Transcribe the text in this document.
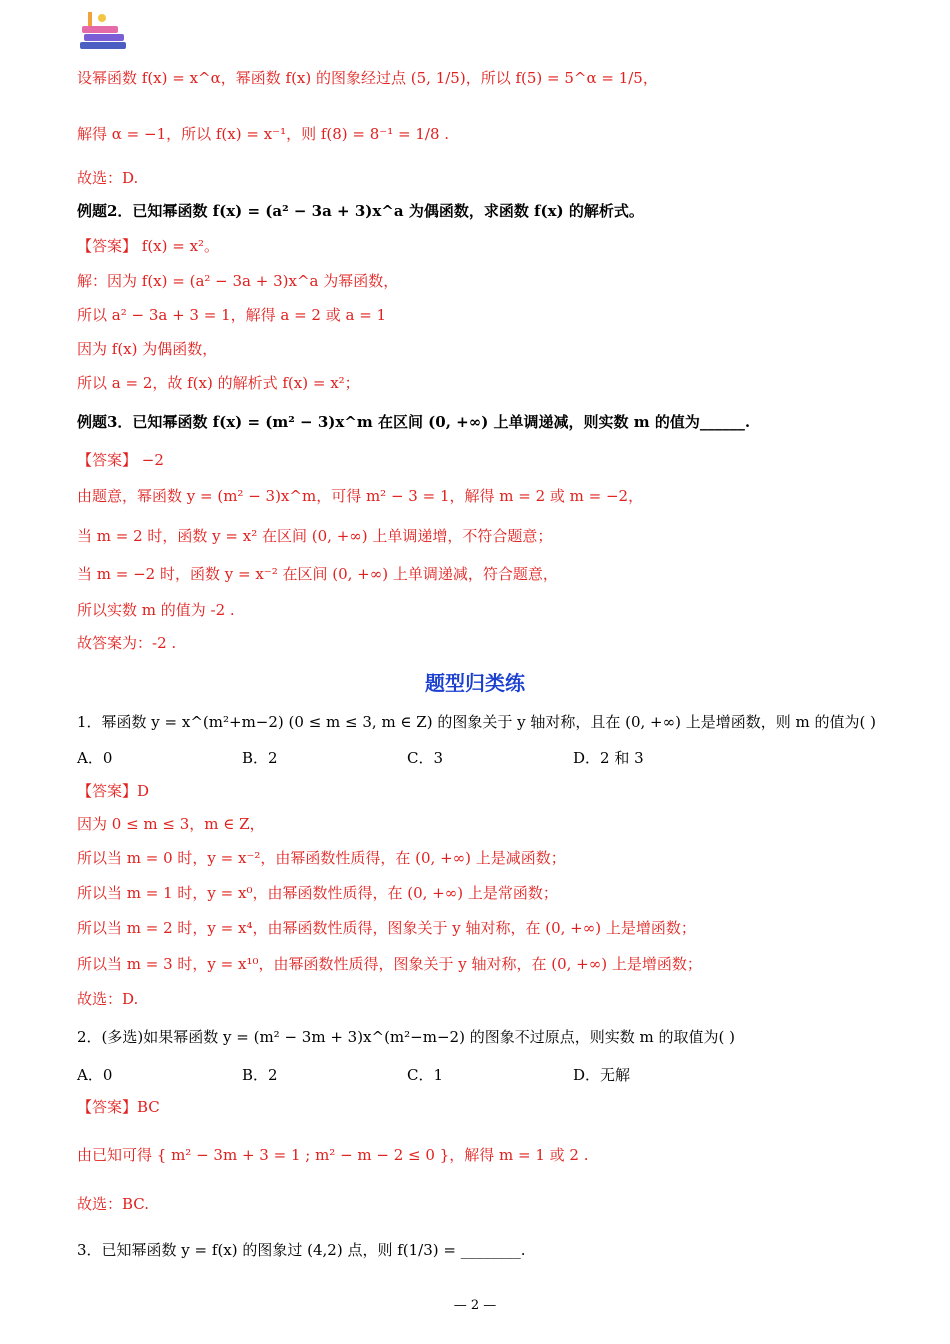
设幂函数 f(x) = x^α，幂函数 f(x) 的图象经过点 (5, 1/5)，所以 f(5) = 5^α = 1/5，
解得 α = −1，所以 f(x) = x⁻¹，则 f(8) = 8⁻¹ = 1/8 .
故选：D.
例题2．已知幂函数 f(x) = (a² − 3a + 3)x^a 为偶函数，求函数 f(x) 的解析式。
【答案】 f(x) = x²。
解：因为 f(x) = (a² − 3a + 3)x^a 为幂函数，
所以 a² − 3a + 3 = 1，解得 a = 2 或 a = 1
因为 f(x) 为偶函数，
所以 a = 2，故 f(x) 的解析式 f(x) = x²；
例题3．已知幂函数 f(x) = (m² − 3)x^m 在区间 (0, +∞) 上单调递减，则实数 m 的值为______.
【答案】 −2
由题意，幂函数 y = (m² − 3)x^m，可得 m² − 3 = 1，解得 m = 2 或 m = −2，
当 m = 2 时，函数 y = x² 在区间 (0, +∞) 上单调递增，不符合题意；
当 m = −2 时，函数 y = x⁻² 在区间 (0, +∞) 上单调递减，符合题意，
所以实数 m 的值为 -2 .
故答案为：-2 .
题型归类练
1．幂函数 y = x^(m²+m−2) (0 ≤ m ≤ 3, m ∈ Z) 的图象关于 y 轴对称，且在 (0, +∞) 上是增函数，则 m 的值为( )
A．0	B．2	C．3	D．2 和 3
【答案】D
因为 0 ≤ m ≤ 3，m ∈ Z，
所以当 m = 0 时，y = x⁻²，由幂函数性质得，在 (0, +∞) 上是减函数；
所以当 m = 1 时，y = x⁰，由幂函数性质得，在 (0, +∞) 上是常函数；
所以当 m = 2 时，y = x⁴，由幂函数性质得，图象关于 y 轴对称，在 (0, +∞) 上是增函数；
所以当 m = 3 时，y = x¹⁰，由幂函数性质得，图象关于 y 轴对称，在 (0, +∞) 上是增函数；
故选：D.
2．(多选)如果幂函数 y = (m² − 3m + 3)x^(m²−m−2) 的图象不过原点，则实数 m 的取值为( )
A．0	B．2	C．1	D．无解
【答案】BC
由已知可得 { m² − 3m + 3 = 1 ; m² − m − 2 ≤ 0 }，解得 m = 1 或 2 .
故选：BC.
3．已知幂函数 y = f(x) 的图象过 (4,2) 点，则 f(1/3) = ________.
— 2 —
